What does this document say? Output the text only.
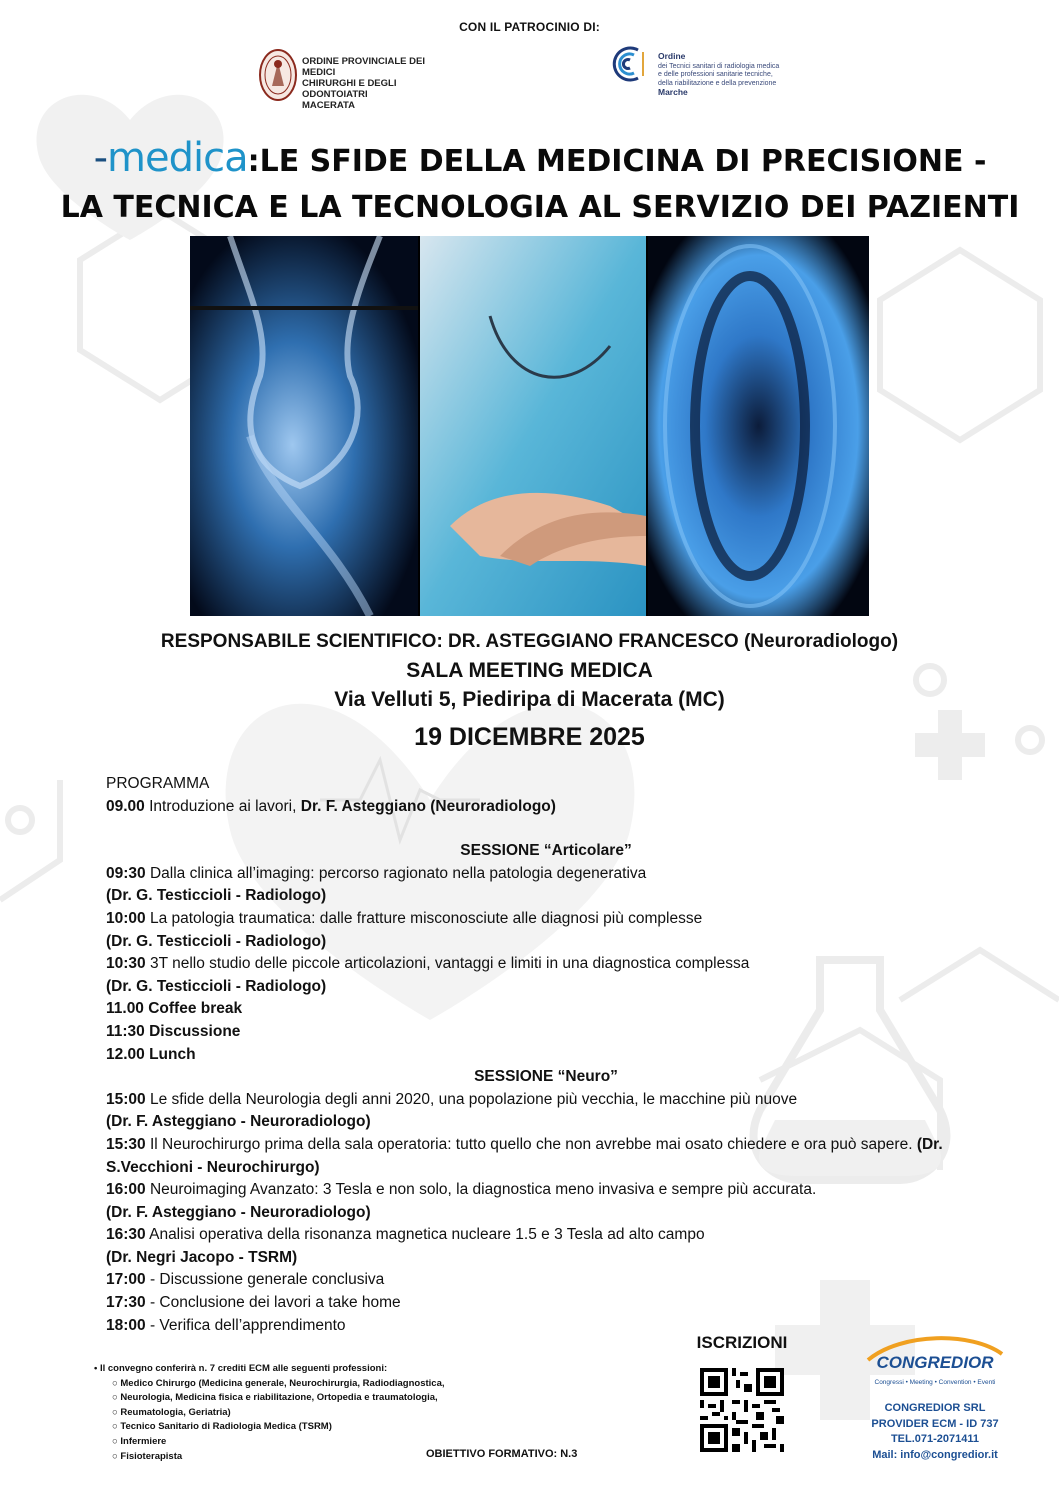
CON IL PATROCINIO DI:
ORDINE PROVINCIALE DEI MEDICI
CHIRURGHI E DEGLI ODONTOIATRI
MACERATA
Ordine
dei Tecnici sanitari di radiologia medica
e delle professioni sanitarie tecniche,
della riabilitazione e della prevenzione
Marche
-medica:LE SFIDE DELLA MEDICINA DI PRECISIONE -
LA TECNICA E LA TECNOLOGIA AL SERVIZIO DEI PAZIENTI
RESPONSABILE SCIENTIFICO: DR. ASTEGGIANO FRANCESCO (Neuroradiologo)
SALA MEETING MEDICA
Via Velluti 5, Piediripa di Macerata (MC)
19 DICEMBRE 2025

PROGRAMMA

09.00 Introduzione ai lavori, Dr. F. Asteggiano (Neuroradiologo)

SESSIONE “Articolare”

09:30 Dalla clinica all’imaging: percorso ragionato nella patologia degenerativa

(Dr. G. Testiccioli - Radiologo)

10:00 La patologia traumatica: dalle fratture misconosciute alle diagnosi più complesse

(Dr. G. Testiccioli - Radiologo)

10:30 3T nello studio delle piccole articolazioni, vantaggi e limiti in una diagnostica complessa

(Dr. G. Testiccioli - Radiologo)

11.00 Coffee break

11:30 Discussione

12.00 Lunch

SESSIONE “Neuro”

15:00 Le sfide della Neurologia degli anni 2020, una popolazione più vecchia, le macchine più nuove

(Dr. F. Asteggiano - Neuroradiologo)

15:30 Il Neurochirurgo prima della sala operatoria: tutto quello che non avrebbe mai osato chiedere e ora può sapere. (Dr. S.Vecchioni - Neurochirurgo)

16:00 Neuroimaging Avanzato: 3 Tesla e non solo, la diagnostica meno invasiva e sempre più accurata.

(Dr. F. Asteggiano - Neuroradiologo)

16:30 Analisi operativa della risonanza magnetica nucleare 1.5 e 3 Tesla ad alto campo

(Dr. Negri Jacopo - TSRM)

17:00 - Discussione generale conclusiva

17:30 - Conclusione dei lavori a take home

18:00 - Verifica dell’apprendimento

• Il convegno conferirà n. 7 crediti ECM alle seguenti professioni:
○ Medico Chirurgo (Medicina generale, Neurochirurgia, Radiodiagnostica,
○ Neurologia, Medicina fisica e riabilitazione, Ortopedia e traumatologia,
○ Reumatologia, Geriatria)
○ Tecnico Sanitario di Radiologia Medica (TSRM)
○ Infermiere
○ Fisioterapista	OBIETTIVO FORMATIVO: N.3
ISCRIZIONI
CONGREDIOR
Congressi • Meeting • Convention • Eventi
CONGREDIOR SRL
PROVIDER ECM - ID 737
TEL.071-2071411
Mail: info@congredior.it
